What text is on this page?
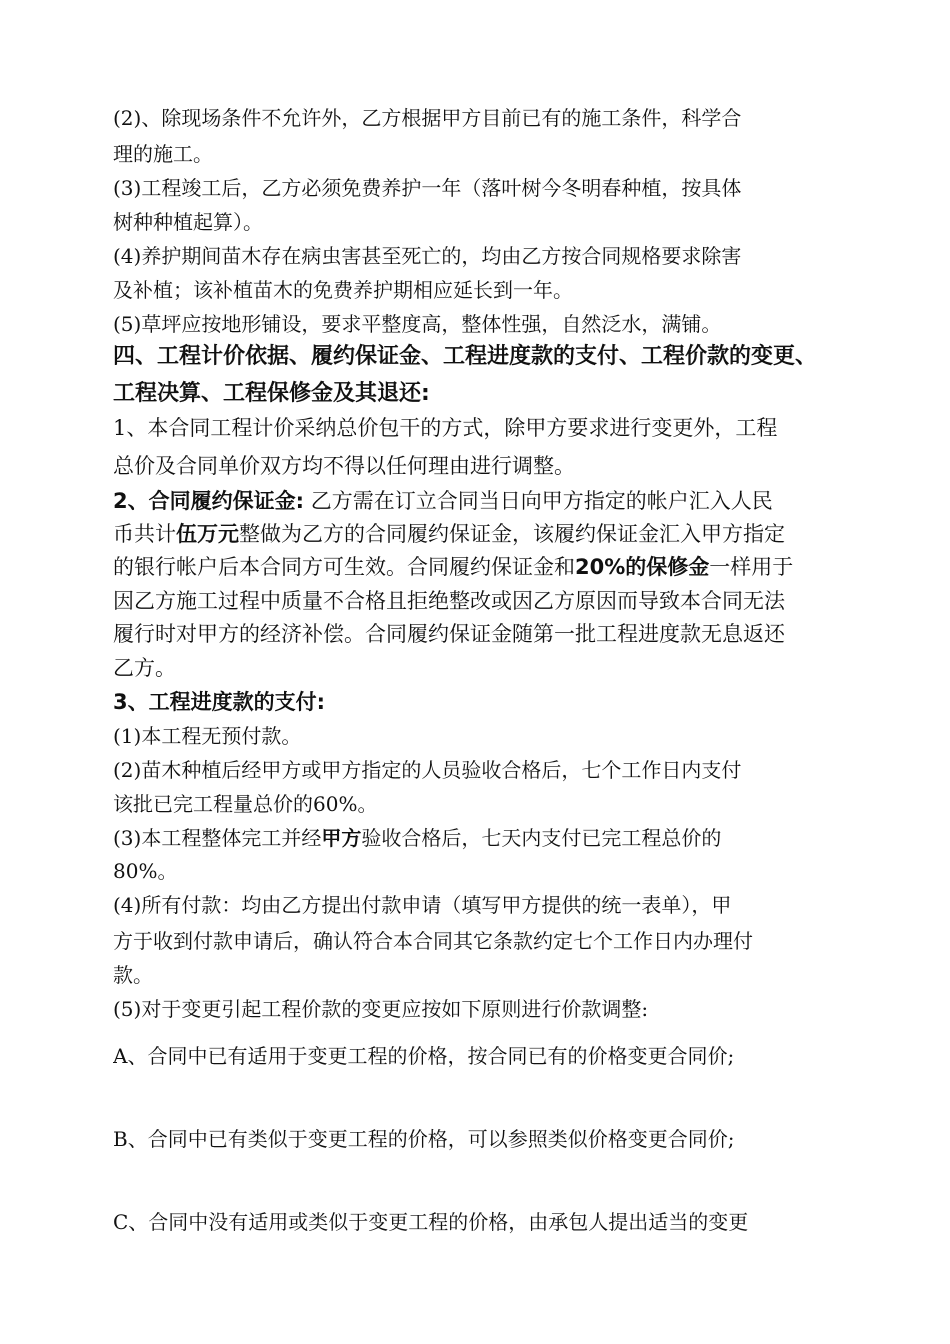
(2)、除现场条件不允许外，乙方根据甲方目前已有的施工条件，科学合
理的施工。
(3)工程竣工后，乙方必须免费养护一年（落叶树今冬明春种植，按具体
树种种植起算）。
(4)养护期间苗木存在病虫害甚至死亡的，均由乙方按合同规格要求除害
及补植；该补植苗木的免费养护期相应延长到一年。
(5)草坪应按地形铺设，要求平整度高，整体性强，自然泛水，满铺。
四、工程计价依据、履约保证金、工程进度款的支付、工程价款的变更、
工程决算、工程保修金及其退还:
1、本合同工程计价采纳总价包干的方式，除甲方要求进行变更外，工程
总价及合同单价双方均不得以任何理由进行调整。
2、合同履约保证金: 乙方需在订立合同当日向甲方指定的帐户汇入人民
币共计伍万元整做为乙方的合同履约保证金，该履约保证金汇入甲方指定
的银行帐户后本合同方可生效。合同履约保证金和20%的保修金一样用于
因乙方施工过程中质量不合格且拒绝整改或因乙方原因而导致本合同无法
履行时对甲方的经济补偿。合同履约保证金随第一批工程进度款无息返还
乙方。
3、工程进度款的支付:
(1)本工程无预付款。
(2)苗木种植后经甲方或甲方指定的人员验收合格后，七个工作日内支付
该批已完工程量总价的60%。
(3)本工程整体完工并经甲方验收合格后，七天内支付已完工程总价的
80%。
(4)所有付款：均由乙方提出付款申请（填写甲方提供的统一表单），甲
方于收到付款申请后，确认符合本合同其它条款约定七个工作日内办理付
款。
(5)对于变更引起工程价款的变更应按如下原则进行价款调整:
A、合同中已有适用于变更工程的价格，按合同已有的价格变更合同价;
B、合同中已有类似于变更工程的价格，可以参照类似价格变更合同价;
C、合同中没有适用或类似于变更工程的价格，由承包人提出适当的变更
